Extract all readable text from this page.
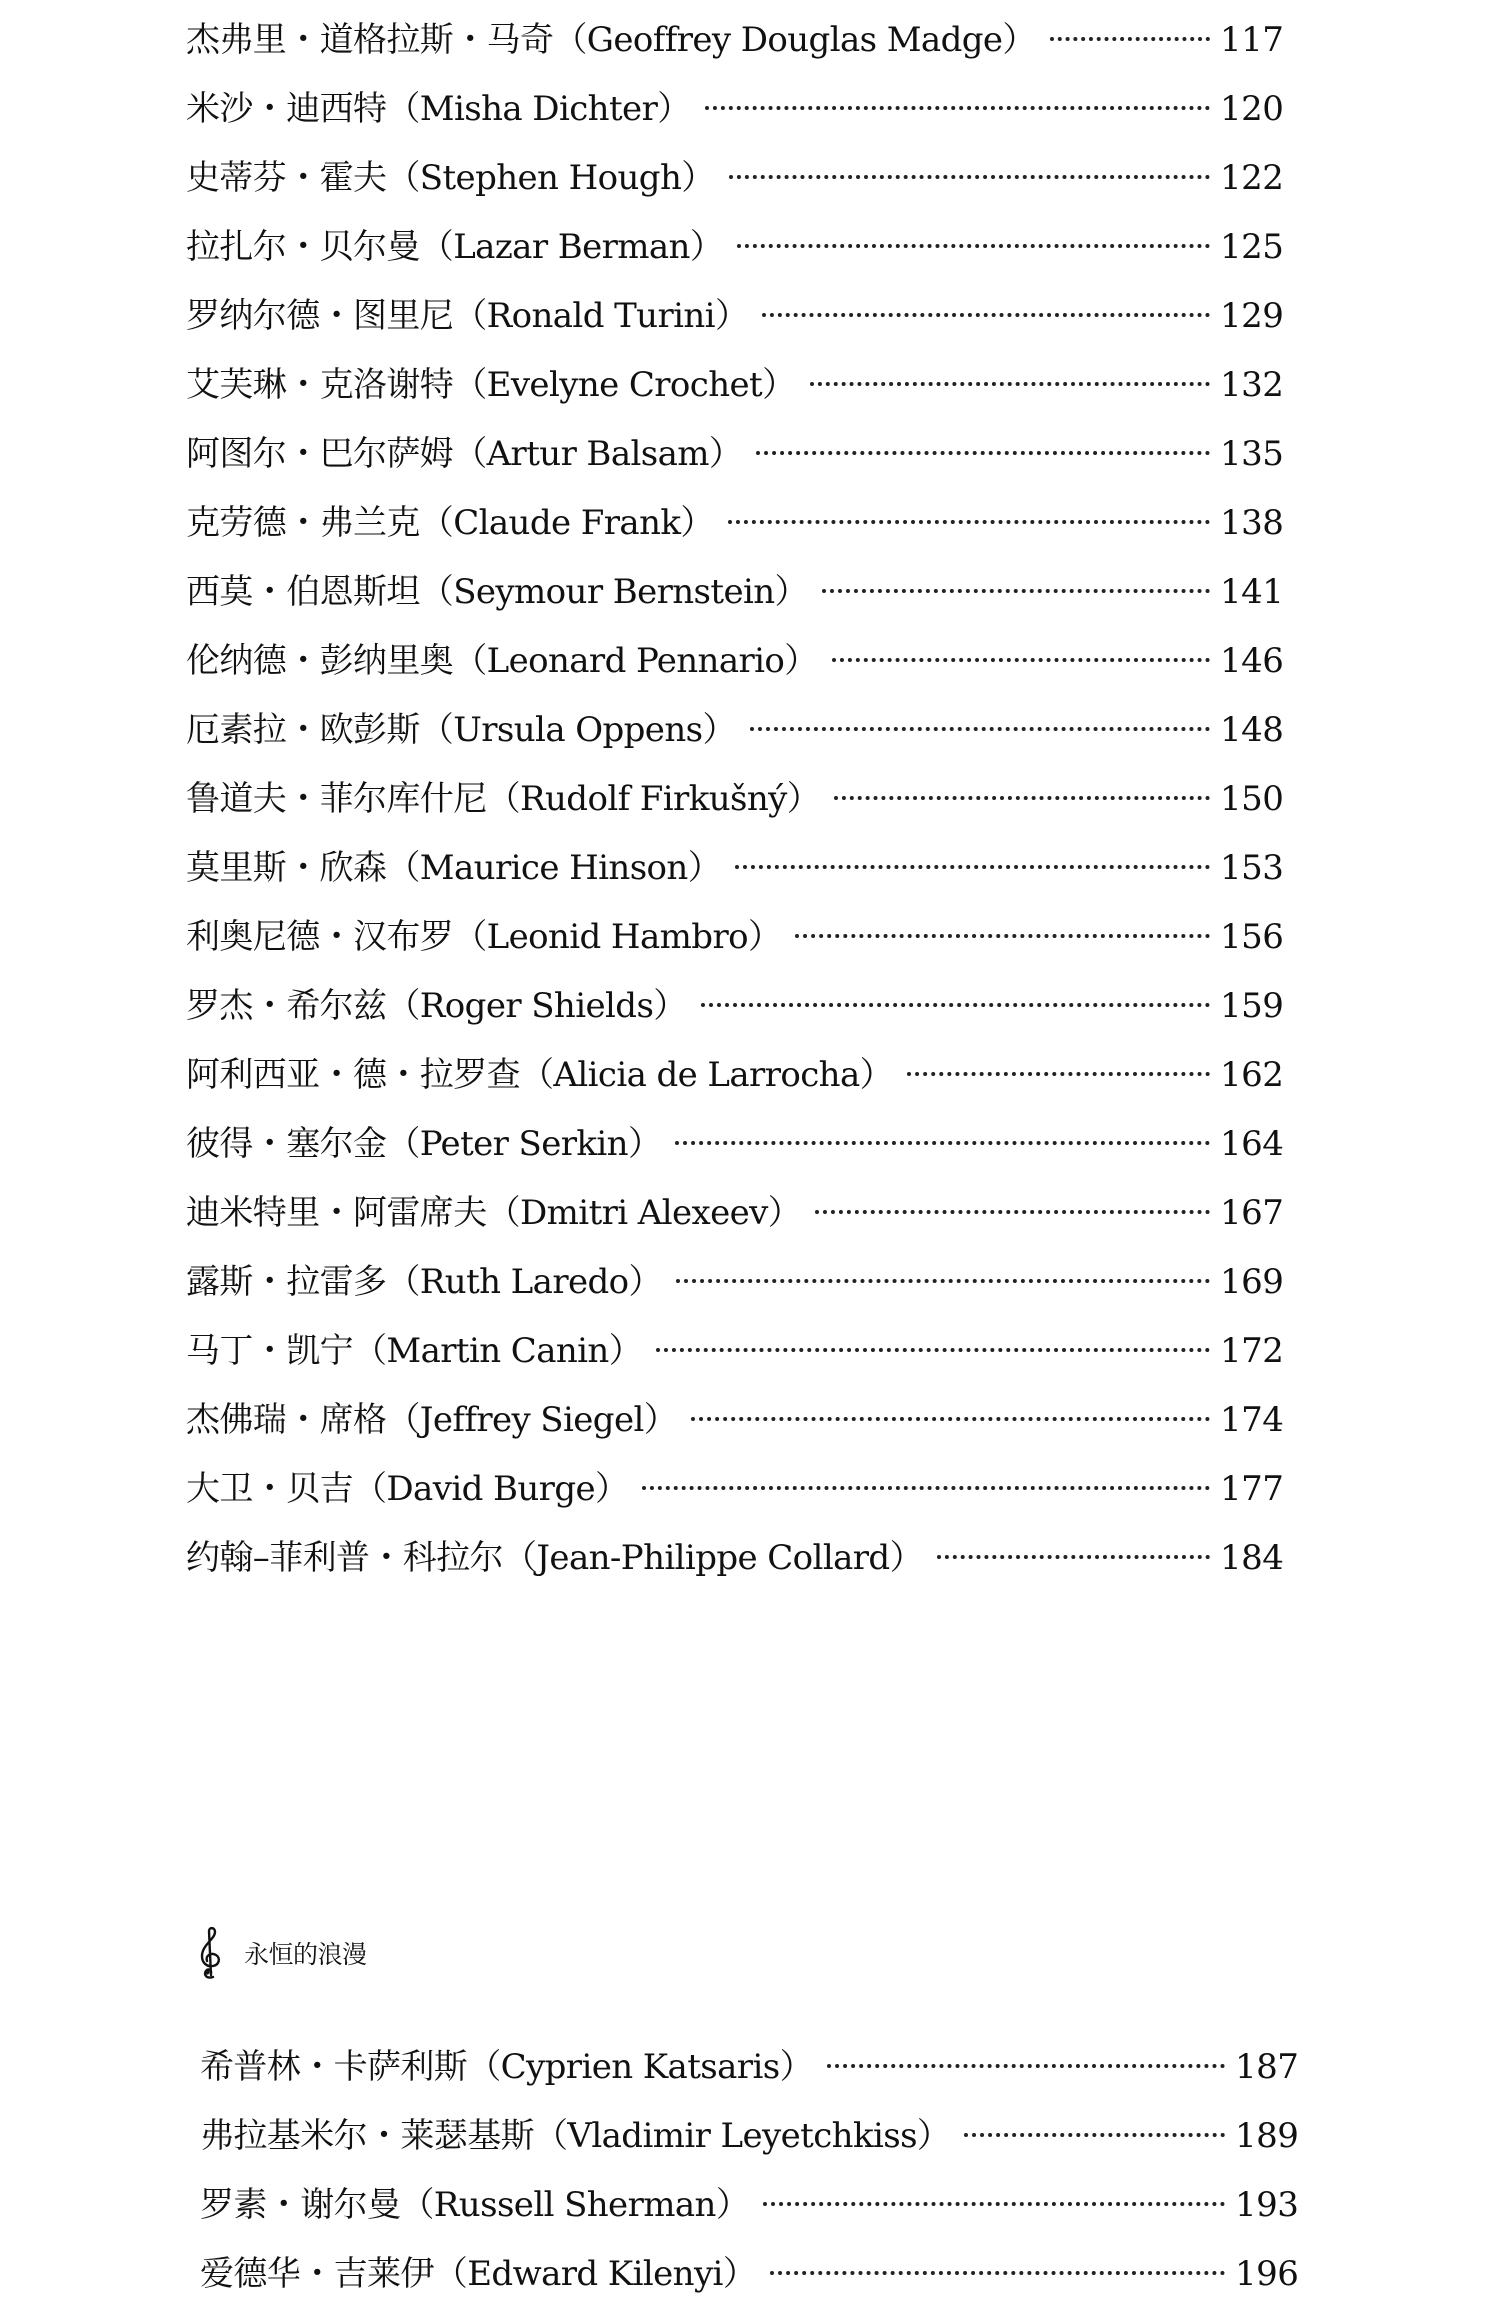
杰弗里・道格拉斯・马奇（Geoffrey Douglas Madge）	117
米沙・迪西特（Misha Dichter）	120
史蒂芬・霍夫（Stephen Hough）	122
拉扎尔・贝尔曼（Lazar Berman）	125
罗纳尔德・图里尼（Ronald Turini）	129
艾芙琳・克洛谢特（Evelyne Crochet）	132
阿图尔・巴尔萨姆（Artur Balsam）	135
克劳德・弗兰克（Claude Frank）	138
西莫・伯恩斯坦（Seymour Bernstein）	141
伦纳德・彭纳里奥（Leonard Pennario）	146
厄素拉・欧彭斯（Ursula Oppens）	148
鲁道夫・菲尔库什尼（Rudolf Firkušný）	150
莫里斯・欣森（Maurice Hinson）	153
利奥尼德・汉布罗（Leonid Hambro）	156
罗杰・希尔兹（Roger Shields）	159
阿利西亚・德・拉罗查（Alicia de Larrocha）	162
彼得・塞尔金（Peter Serkin）	164
迪米特里・阿雷席夫（Dmitri Alexeev）	167
露斯・拉雷多（Ruth Laredo）	169
马丁・凯宁（Martin Canin）	172
杰佛瑞・席格（Jeffrey Siegel）	174
大卫・贝吉（David Burge）	177
约翰–菲利普・科拉尔（Jean-Philippe Collard）	184
永恒的浪漫
希普林・卡萨利斯（Cyprien Katsaris）	187
弗拉基米尔・莱瑟基斯（Vladimir Leyetchkiss）	189
罗素・谢尔曼（Russell Sherman）	193
爱德华・吉莱伊（Edward Kilenyi）	196
